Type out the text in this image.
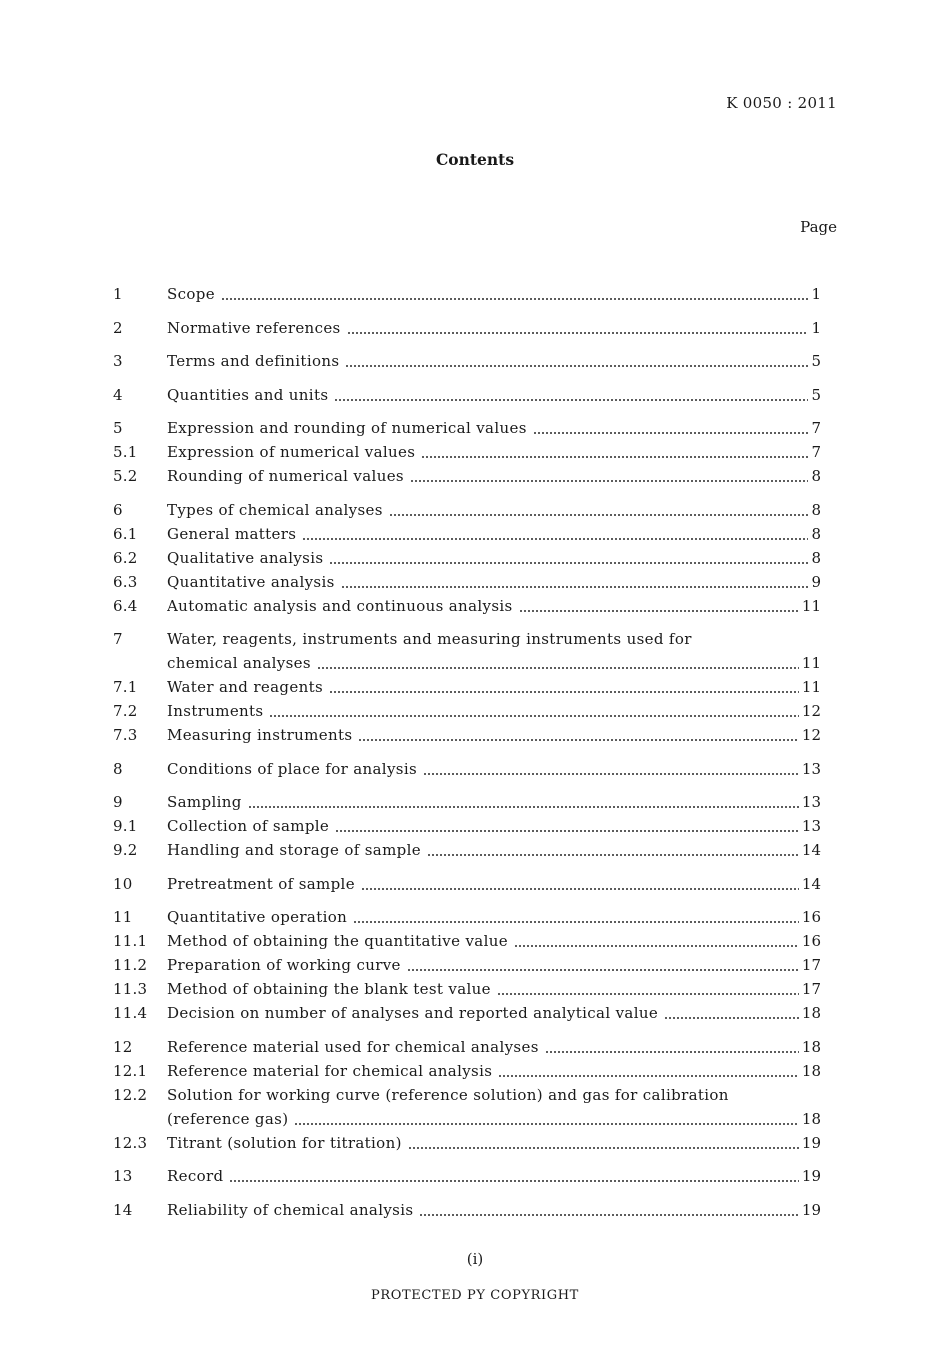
K 0050 : 2011
Contents
Page
1	Scope	1
2	Normative references	1
3	Terms and definitions	5
4	Quantities and units	5
5	Expression and rounding of numerical values	7
5.1	Expression of numerical values	7
5.2	Rounding of numerical values	8
6	Types of chemical analyses	8
6.1	General matters	8
6.2	Qualitative analysis	8
6.3	Quantitative analysis	9
6.4	Automatic analysis and continuous analysis	11
7	Water, reagents, instruments and measuring instruments used for
chemical analyses	11
7.1	Water and reagents	11
7.2	Instruments	12
7.3	Measuring instruments	12
8	Conditions of place for analysis	13
9	Sampling	13
9.1	Collection of sample	13
9.2	Handling and storage of sample	14
10	Pretreatment of sample	14
11	Quantitative operation	16
11.1	Method of obtaining the quantitative value	16
11.2	Preparation of working curve	17
11.3	Method of obtaining the blank test value	17
11.4	Decision on number of analyses and reported analytical value	18
12	Reference material used for chemical analyses	18
12.1	Reference material for chemical analysis	18
12.2	Solution for working curve (reference solution) and gas for calibration
(reference gas)	18
12.3	Titrant (solution for titration)	19
13	Record	19
14	Reliability of chemical analysis	19
(i)
PROTECTED PY COPYRIGHT
